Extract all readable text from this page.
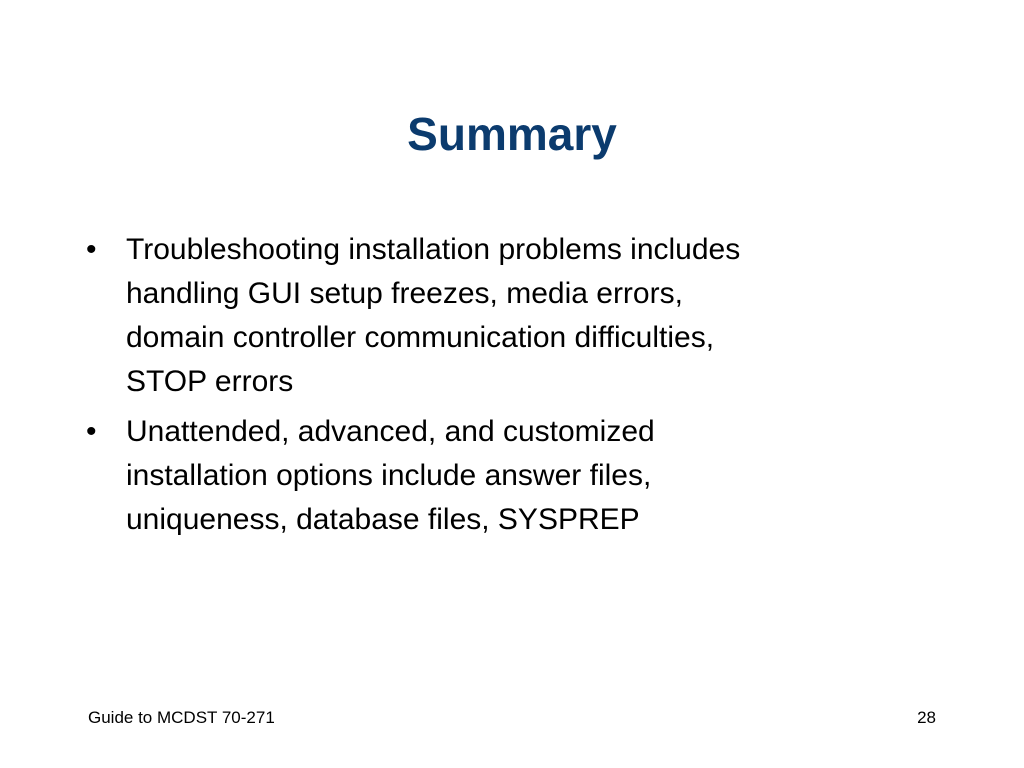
Summary
• Troubleshooting installation problems includes
handling GUI setup freezes, media errors,
domain controller communication difficulties,
STOP errors
• Unattended, advanced, and customized
installation options include answer files,
uniqueness, database files, SYSPREP
Guide to MCDST 70-271	28
